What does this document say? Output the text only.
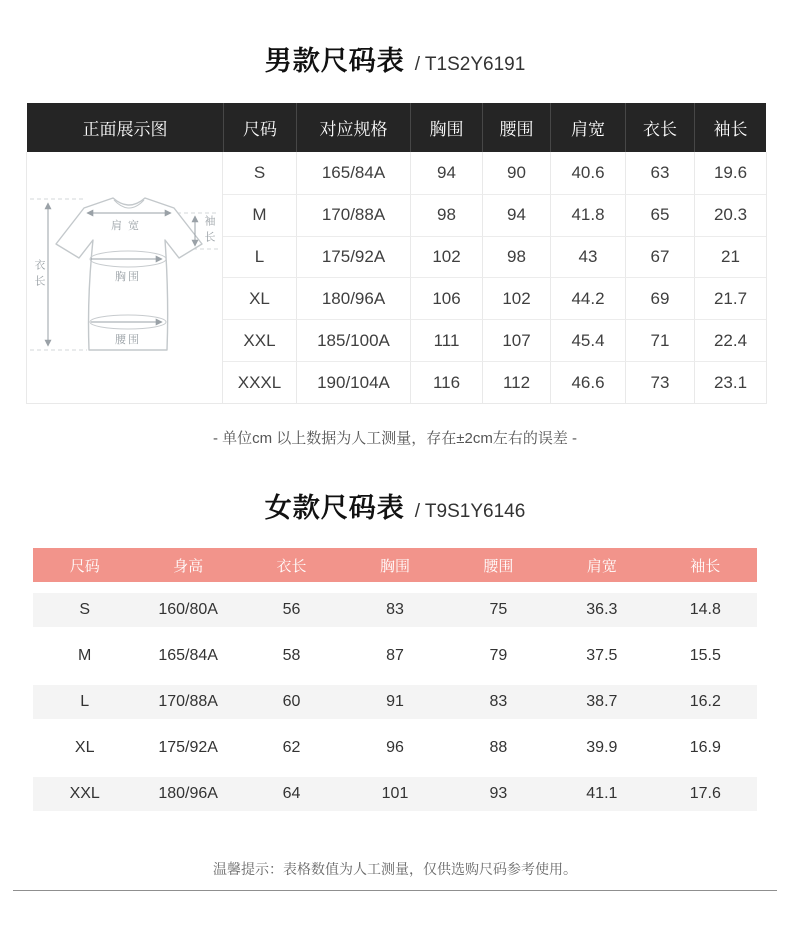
男款尺码表 / T1S2Y6191
正面展示图	尺码	对应规格	胸围	腰围	肩宽	衣长	袖长
衣长
肩宽	袖长
胸围
腰围
S	165/84A	94	90	40.6	63	19.6
M	170/88A	98	94	41.8	65	20.3
L	175/92A	102	98	43	67	21
XL	180/96A	106	102	44.2	69	21.7
XXL	185/100A	111	107	45.4	71	22.4
XXXL	190/104A	116	112	46.6	73	23.1
- 单位cm 以上数据为人工测量，存在±2cm左右的误差 -
女款尺码表 / T9S1Y6146
尺码	身高	衣长	胸围	腰围	肩宽	袖长
S	160/80A	56	83	75	36.3	14.8
M	165/84A	58	87	79	37.5	15.5
L	170/88A	60	91	83	38.7	16.2
XL	175/92A	62	96	88	39.9	16.9
XXL	180/96A	64	101	93	41.1	17.6
温馨提示：表格数值为人工测量，仅供选购尺码参考使用。
